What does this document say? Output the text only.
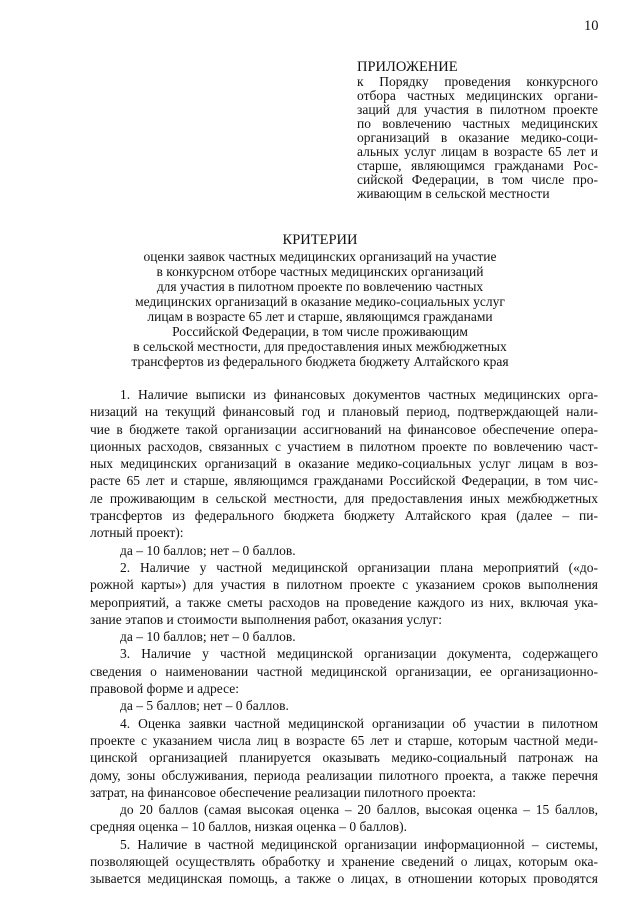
10
ПРИЛОЖЕНИЕ
к Порядку проведения конкурсного
отбора частных медицинских органи-
заций для участия в пилотном проекте
по вовлечению частных медицинских
организаций в оказание медико-соци-
альных услуг лицам в возрасте 65 лет и
старше, являющимся гражданами Рос-
сийской Федерации, в том числе про-
живающим в сельской местности
КРИТЕРИИ
оценки заявок частных медицинских организаций на участие
в конкурсном отборе частных медицинских организаций
для участия в пилотном проекте по вовлечению частных
медицинских организаций в оказание медико-социальных услуг
лицам в возрасте 65 лет и старше, являющимся гражданами
Российской Федерации, в том числе проживающим
в сельской местности, для предоставления иных межбюджетных
трансфертов из федерального бюджета бюджету Алтайского края
1. Наличие выписки из финансовых документов частных медицинских орга-
низаций на текущий финансовый год и плановый период, подтверждающей нали-
чие в бюджете такой организации ассигнований на финансовое обеспечение опера-
ционных расходов, связанных с участием в пилотном проекте по вовлечению част-
ных медицинских организаций в оказание медико-социальных услуг лицам в воз-
расте 65 лет и старше, являющимся гражданами Российской Федерации, в том чис-
ле проживающим в сельской местности, для предоставления иных межбюджетных
трансфертов из федерального бюджета бюджету Алтайского края (далее – пи-
лотный проект):
да – 10 баллов; нет – 0 баллов.
2. Наличие у частной медицинской организации плана мероприятий («до-
рожной карты») для участия в пилотном проекте с указанием сроков выполнения
мероприятий, а также сметы расходов на проведение каждого из них, включая ука-
зание этапов и стоимости выполнения работ, оказания услуг:
да – 10 баллов; нет – 0 баллов.
3. Наличие у частной медицинской организации документа, содержащего
сведения о наименовании частной медицинской организации, ее организационно-
правовой форме и адресе:
да – 5 баллов; нет – 0 баллов.
4. Оценка заявки частной медицинской организации об участии в пилотном
проекте с указанием числа лиц в возрасте 65 лет и старше, которым частной меди-
цинской организацией планируется оказывать медико-социальный патронаж на
дому, зоны обслуживания, периода реализации пилотного проекта, а также перечня
затрат, на финансовое обеспечение реализации пилотного проекта:
до 20 баллов (самая высокая оценка – 20 баллов, высокая оценка – 15 баллов,
средняя оценка – 10 баллов, низкая оценка – 0 баллов).
5. Наличие в частной медицинской организации информационной – системы,
позволяющей осуществлять обработку и хранение сведений о лицах, которым ока-
зывается медицинская помощь, а также о лицах, в отношении которых проводятся
